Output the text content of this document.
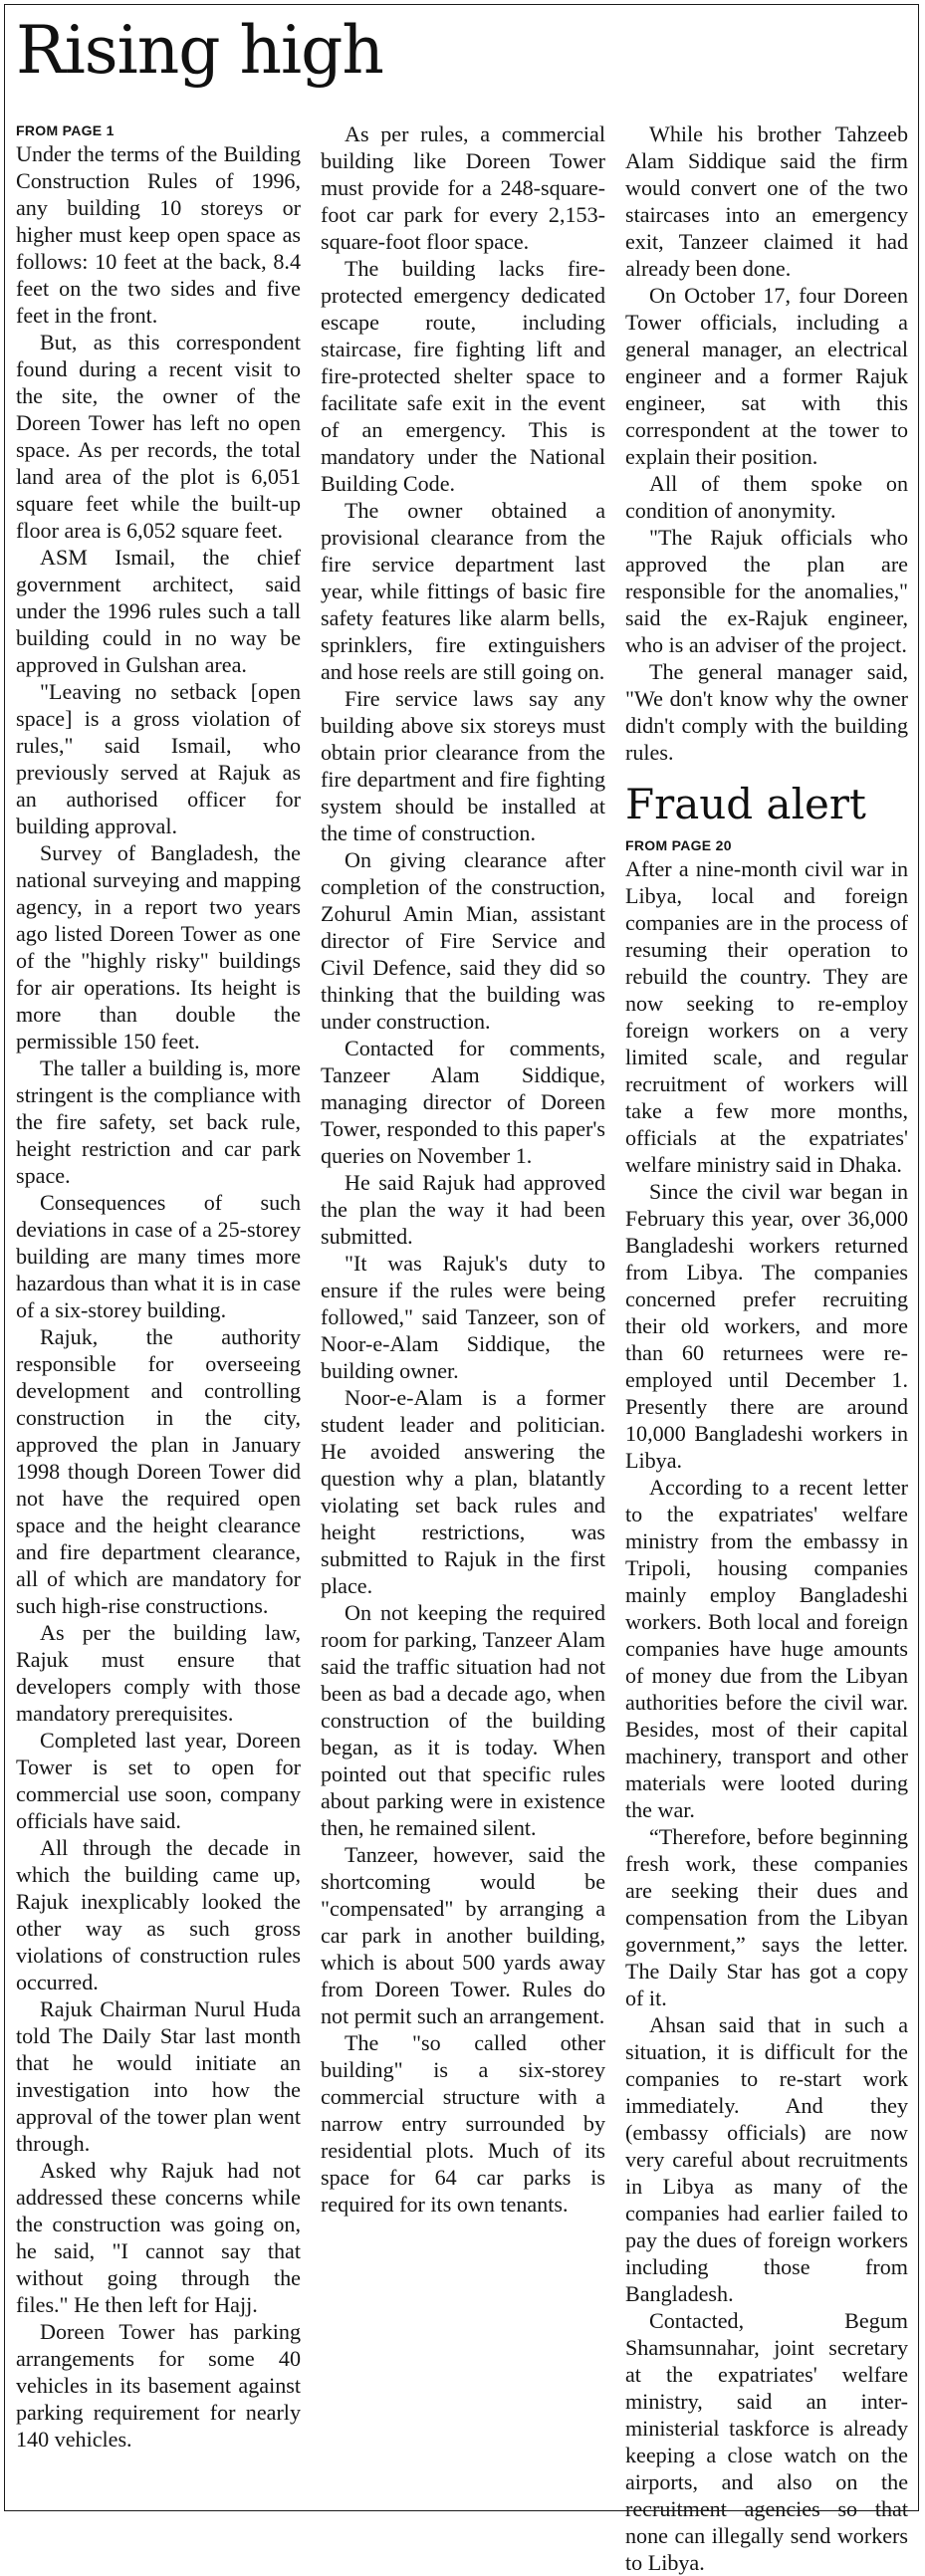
Rising high
FROM PAGE 1

Under the terms of the Building Construction Rules of 1996, any building 10 storeys or higher must keep open space as follows: 10 feet at the back, 8.4 feet on the two sides and five feet in the front.

But, as this correspondent found during a recent visit to the site, the owner of the Doreen Tower has left no open space. As per records, the total land area of the plot is 6,051 square feet while the built-up floor area is 6,052 square feet.

ASM Ismail, the chief government architect, said under the 1996 rules such a tall building could in no way be approved in Gulshan area.

"Leaving no setback [open space] is a gross violation of rules," said Ismail, who previously served at Rajuk as an authorised officer for building approval.

Survey of Bangladesh, the national surveying and mapping agency, in a report two years ago listed Doreen Tower as one of the "highly risky" buildings for air operations. Its height is more than double the permissible 150 feet.

The taller a building is, more stringent is the compliance with the fire safety, set back rule, height restriction and car park space.

Consequences of such deviations in case of a 25-storey building are many times more hazardous than what it is in case of a six-storey building.

Rajuk, the authority responsible for overseeing development and controlling construction in the city, approved the plan in January 1998 though Doreen Tower did not have the required open space and the height clearance and fire department clearance, all of which are mandatory for such high-rise constructions.

As per the building law, Rajuk must ensure that developers comply with those mandatory prerequisites.

Completed last year, Doreen Tower is set to open for commercial use soon, company officials have said.

All through the decade in which the building came up, Rajuk inexplicably looked the other way as such gross violations of construction rules occurred.

Rajuk Chairman Nurul Huda told The Daily Star last month that he would initiate an investigation into how the approval of the tower plan went through.

Asked why Rajuk had not addressed these concerns while the construction was going on, he said, "I cannot say that without going through the files." He then left for Hajj.

Doreen Tower has parking arrangements for some 40 vehicles in its basement against parking requirement for nearly 140 vehicles.

As per rules, a commercial building like Doreen Tower must provide for a 248-square-foot car park for every 2,153-square-foot floor space.

The building lacks fire-protected emergency dedicated escape route, including staircase, fire fighting lift and fire-protected shelter space to facilitate safe exit in the event of an emergency. This is mandatory under the National Building Code.

The owner obtained a provisional clearance from the fire service department last year, while fittings of basic fire safety features like alarm bells, sprinklers, fire extinguishers and hose reels are still going on.

Fire service laws say any building above six storeys must obtain prior clearance from the fire department and fire fighting system should be installed at the time of construction.

On giving clearance after completion of the construction, Zohurul Amin Mian, assistant director of Fire Service and Civil Defence, said they did so thinking that the building was under construction.

Contacted for comments, Tanzeer Alam Siddique, managing director of Doreen Tower, responded to this paper's queries on November 1.

He said Rajuk had approved the plan the way it had been submitted.

"It was Rajuk's duty to ensure if the rules were being followed," said Tanzeer, son of Noor-e-Alam Siddique, the building owner.

Noor-e-Alam is a former student leader and politician. He avoided answering the question why a plan, blatantly violating set back rules and height restrictions, was submitted to Rajuk in the first place.

On not keeping the required room for parking, Tanzeer Alam said the traffic situation had not been as bad a decade ago, when construction of the building began, as it is today. When pointed out that specific rules about parking were in existence then, he remained silent.

Tanzeer, however, said the shortcoming would be "compensated" by arranging a car park in another building, which is about 500 yards away from Doreen Tower. Rules do not permit such an arrangement.

The "so called other building" is a six-storey commercial structure with a narrow entry surrounded by residential plots. Much of its space for 64 car parks is required for its own tenants.

While his brother Tahzeeb Alam Siddique said the firm would convert one of the two staircases into an emergency exit, Tanzeer claimed it had already been done.

On October 17, four Doreen Tower officials, including a general manager, an electrical engineer and a former Rajuk engineer, sat with this correspondent at the tower to explain their position.

All of them spoke on condition of anonymity.

"The Rajuk officials who approved the plan are responsible for the anomalies," said the ex-Rajuk engineer, who is an adviser of the project.

The general manager said, "We don't know why the owner didn't comply with the building rules.

Fraud alert
FROM PAGE 20

After a nine-month civil war in Libya, local and foreign companies are in the process of resuming their operation to rebuild the country. They are now seeking to re-employ foreign workers on a very limited scale, and regular recruitment of workers will take a few more months, officials at the expatriates' welfare ministry said in Dhaka.

Since the civil war began in February this year, over 36,000 Bangladeshi workers returned from Libya. The companies concerned prefer recruiting their old workers, and more than 60 returnees were re-employed until December 1. Presently there are around 10,000 Bangladeshi workers in Libya.

According to a recent letter to the expatriates' welfare ministry from the embassy in Tripoli, housing companies mainly employ Bangladeshi workers. Both local and foreign companies have huge amounts of money due from the Libyan authorities before the civil war. Besides, most of their capital machinery, transport and other materials were looted during the war.

“Therefore, before beginning fresh work, these companies are seeking their dues and compensation from the Libyan government,” says the letter. The Daily Star has got a copy of it.

Ahsan said that in such a situation, it is difficult for the companies to re-start work immediately. And they (embassy officials) are now very careful about recruitments in Libya as many of the companies had earlier failed to pay the dues of foreign workers including those from Bangladesh.

Contacted, Begum Shamsunnahar, joint secretary at the expatriates' welfare ministry, said an inter-ministerial taskforce is already keeping a close watch on the airports, and also on the recruitment agencies so that none can illegally send workers to Libya.
